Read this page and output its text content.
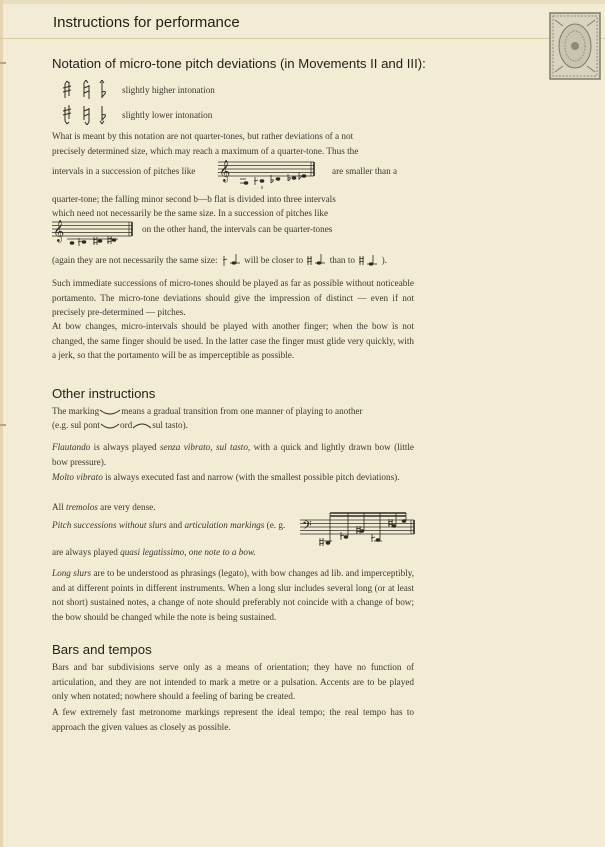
Instructions for performance
Notation of micro-tone pitch deviations (in Movements II and III):
slightly higher intonation
slightly lower intonation
What is meant by this notation are not quarter-tones, but rather deviations of a not
precisely determined size, which may reach a maximum of a quarter-tone. Thus the
intervals in a succession of pitches like 𝄞	are smaller than a
quarter-tone; the falling minor second b—b flat is divided into three intervals
which need not necessarily be the same size. In a succession of pitches like
𝄞	on the other hand, the intervals can be quarter-tones
(again they are not necessarily the same size:	will be closer to	than to	).
Such immediate successions of micro-tones should be played as far as possible without noticeable portamento. The micro-tone deviations should give the impression of distinct — even if not precisely pre-determined — pitches.
At bow changes, micro-intervals should be played with another finger; when the bow is not changed, the same finger should be used. In the latter case the finger must glide very quickly, with a jerk, so that the portamento will be as imperceptible as possible.
Other instructions
The marking means a gradual transition from one manner of playing to another
(e.g. sul pont ord sul tasto).
Flautando is always played senza vibrato, sul tasto, with a quick and lightly drawn bow (little bow pressure).
Molto vibrato is always executed fast and narrow (with the smallest possible pitch deviations).
All tremolos are very dense.
Pitch successions without slurs and articulation markings (e. g. 𝄢
are always played quasi legatissimo, one note to a bow.
Long slurs are to be understood as phrasings (legato), with bow changes ad lib. and imperceptibly, and at different points in different instruments. When a long slur includes several long (or at least not short) sustained notes, a change of note should preferably not coincide with a change of bow; the bow should be changed while the note is being sustained.
Bars and tempos
Bars and bar subdivisions serve only as a means of orientation; they have no function of articulation, and they are not intended to mark a metre or a pulsation. Accents are to be played only when notated; nowhere should a feeling of baring be created.
A few extremely fast metronome markings represent the ideal tempo; the real tempo has to approach the given values as closely as possible.
